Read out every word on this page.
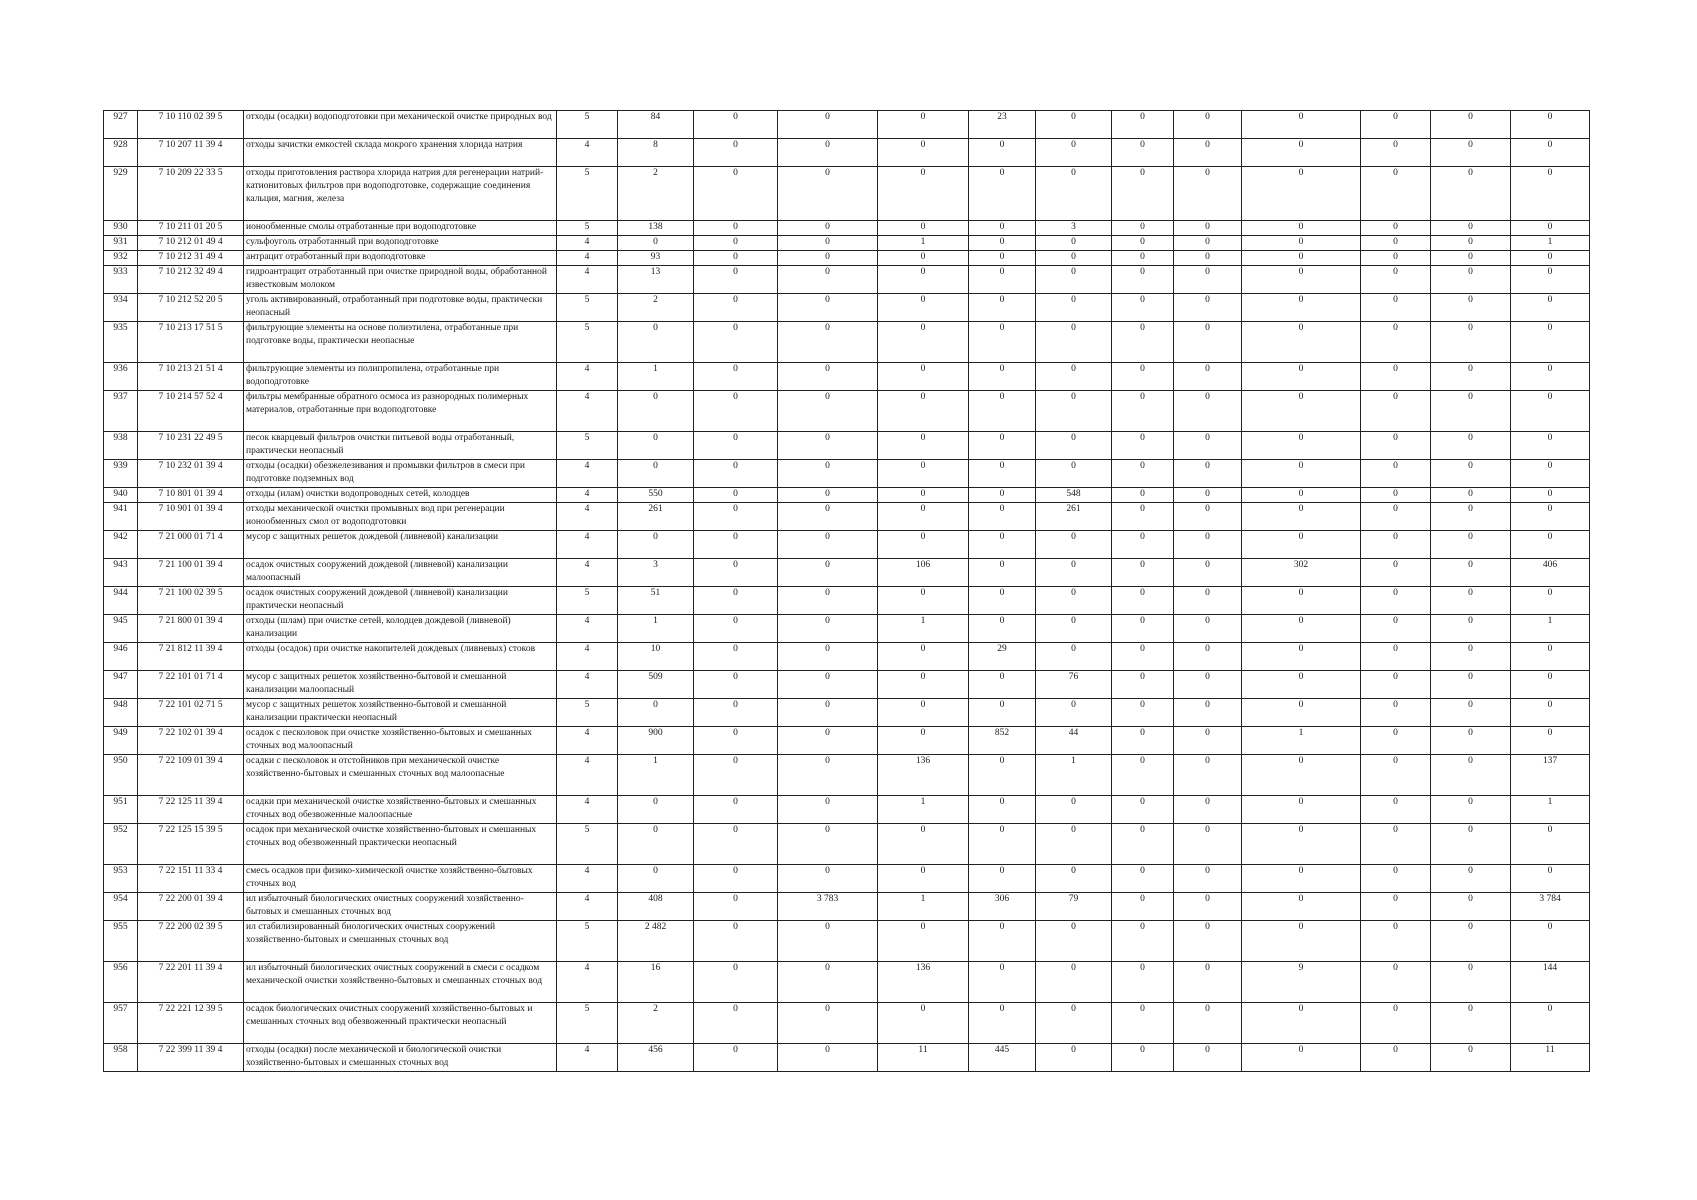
927	7 10 110 02 39 5	отходы (осадки) водоподготовки при механической очистке природных вод	5	84	0	0	0	23	0	0	0	0	0	0	0
928	7 10 207 11 39 4	отходы зачистки емкостей склада мокрого хранения хлорида натрия	4	8	0	0	0	0	0	0	0	0	0	0	0
929	7 10 209 22 33 5	отходы приготовления раствора хлорида натрия для регенерации натрий-катионитовых фильтров при водоподготовке, содержащие соединения кальция, магния, железа	5	2	0	0	0	0	0	0	0	0	0	0	0
930	7 10 211 01 20 5	ионообменные смолы отработанные при водоподготовке	5	138	0	0	0	0	3	0	0	0	0	0	0
931	7 10 212 01 49 4	сульфоуголь отработанный при водоподготовке	4	0	0	0	1	0	0	0	0	0	0	0	1
932	7 10 212 31 49 4	антрацит отработанный при водоподготовке	4	93	0	0	0	0	0	0	0	0	0	0	0
933	7 10 212 32 49 4	гидроантрацит отработанный при очистке природной воды, обработанной известковым молоком	4	13	0	0	0	0	0	0	0	0	0	0	0
934	7 10 212 52 20 5	уголь активированный, отработанный при подготовке воды, практически неопасный	5	2	0	0	0	0	0	0	0	0	0	0	0
935	7 10 213 17 51 5	фильтрующие элементы на основе полиэтилена, отработанные при подготовке воды, практически неопасные	5	0	0	0	0	0	0	0	0	0	0	0	0
936	7 10 213 21 51 4	фильтрующие элементы из полипропилена, отработанные при водоподготовке	4	1	0	0	0	0	0	0	0	0	0	0	0
937	7 10 214 57 52 4	фильтры мембранные обратного осмоса из разнородных полимерных материалов, отработанные при водоподготовке	4	0	0	0	0	0	0	0	0	0	0	0	0
938	7 10 231 22 49 5	песок кварцевый фильтров очистки питьевой воды отработанный, практически неопасный	5	0	0	0	0	0	0	0	0	0	0	0	0
939	7 10 232 01 39 4	отходы (осадки) обезжелезивания и промывки фильтров в смеси при подготовке подземных вод	4	0	0	0	0	0	0	0	0	0	0	0	0
940	7 10 801 01 39 4	отходы (илам) очистки водопроводных сетей, колодцев	4	550	0	0	0	0	548	0	0	0	0	0	0
941	7 10 901 01 39 4	отходы механической очистки промывных вод при регенерации ионообменных смол от водоподготовки	4	261	0	0	0	0	261	0	0	0	0	0	0
942	7 21 000 01 71 4	мусор с защитных решеток дождевой (ливневой) канализации	4	0	0	0	0	0	0	0	0	0	0	0	0
943	7 21 100 01 39 4	осадок очистных сооружений дождевой (ливневой) канализации малоопасный	4	3	0	0	106	0	0	0	0	302	0	0	406
944	7 21 100 02 39 5	осадок очистных сооружений дождевой (ливневой) канализации практически неопасный	5	51	0	0	0	0	0	0	0	0	0	0	0
945	7 21 800 01 39 4	отходы (шлам) при очистке сетей, колодцев дождевой (ливневой) канализации	4	1	0	0	1	0	0	0	0	0	0	0	1
946	7 21 812 11 39 4	отходы (осадок) при очистке накопителей дождевых (ливневых) стоков	4	10	0	0	0	29	0	0	0	0	0	0	0
947	7 22 101 01 71 4	мусор с защитных решеток хозяйственно-бытовой и смешанной канализации малоопасный	4	509	0	0	0	0	76	0	0	0	0	0	0
948	7 22 101 02 71 5	мусор с защитных решеток хозяйственно-бытовой и смешанной канализации практически неопасный	5	0	0	0	0	0	0	0	0	0	0	0	0
949	7 22 102 01 39 4	осадок с песколовок при очистке хозяйственно-бытовых и смешанных сточных вод малоопасный	4	900	0	0	0	852	44	0	0	1	0	0	0
950	7 22 109 01 39 4	осадки с песколовок и отстойников при механической очистке хозяйственно-бытовых и смешанных сточных вод малоопасные	4	1	0	0	136	0	1	0	0	0	0	0	137
951	7 22 125 11 39 4	осадки при механической очистке хозяйственно-бытовых и смешанных сточных вод обезвоженные малоопасные	4	0	0	0	1	0	0	0	0	0	0	0	1
952	7 22 125 15 39 5	осадок при механической очистке хозяйственно-бытовых и смешанных сточных вод обезвоженный практически неопасный	5	0	0	0	0	0	0	0	0	0	0	0	0
953	7 22 151 11 33 4	смесь осадков при физико-химической очистке хозяйственно-бытовых сточных вод	4	0	0	0	0	0	0	0	0	0	0	0	0
954	7 22 200 01 39 4	ил избыточный биологических очистных сооружений хозяйственно-бытовых и смешанных сточных вод	4	408	0	3 783	1	306	79	0	0	0	0	0	3 784
955	7 22 200 02 39 5	ил стабилизированный биологических очистных сооружений хозяйственно-бытовых и смешанных сточных вод	5	2 482	0	0	0	0	0	0	0	0	0	0	0
956	7 22 201 11 39 4	ил избыточный биологических очистных сооружений в смеси с осадком механической очистки хозяйственно-бытовых и смешанных сточных вод	4	16	0	0	136	0	0	0	0	9	0	0	144
957	7 22 221 12 39 5	осадок биологических очистных сооружений хозяйственно-бытовых и смешанных сточных вод обезвоженный практически неопасный	5	2	0	0	0	0	0	0	0	0	0	0	0
958	7 22 399 11 39 4	отходы (осадки) после механической и биологической очистки хозяйственно-бытовых и смешанных сточных вод	4	456	0	0	11	445	0	0	0	0	0	0	11
